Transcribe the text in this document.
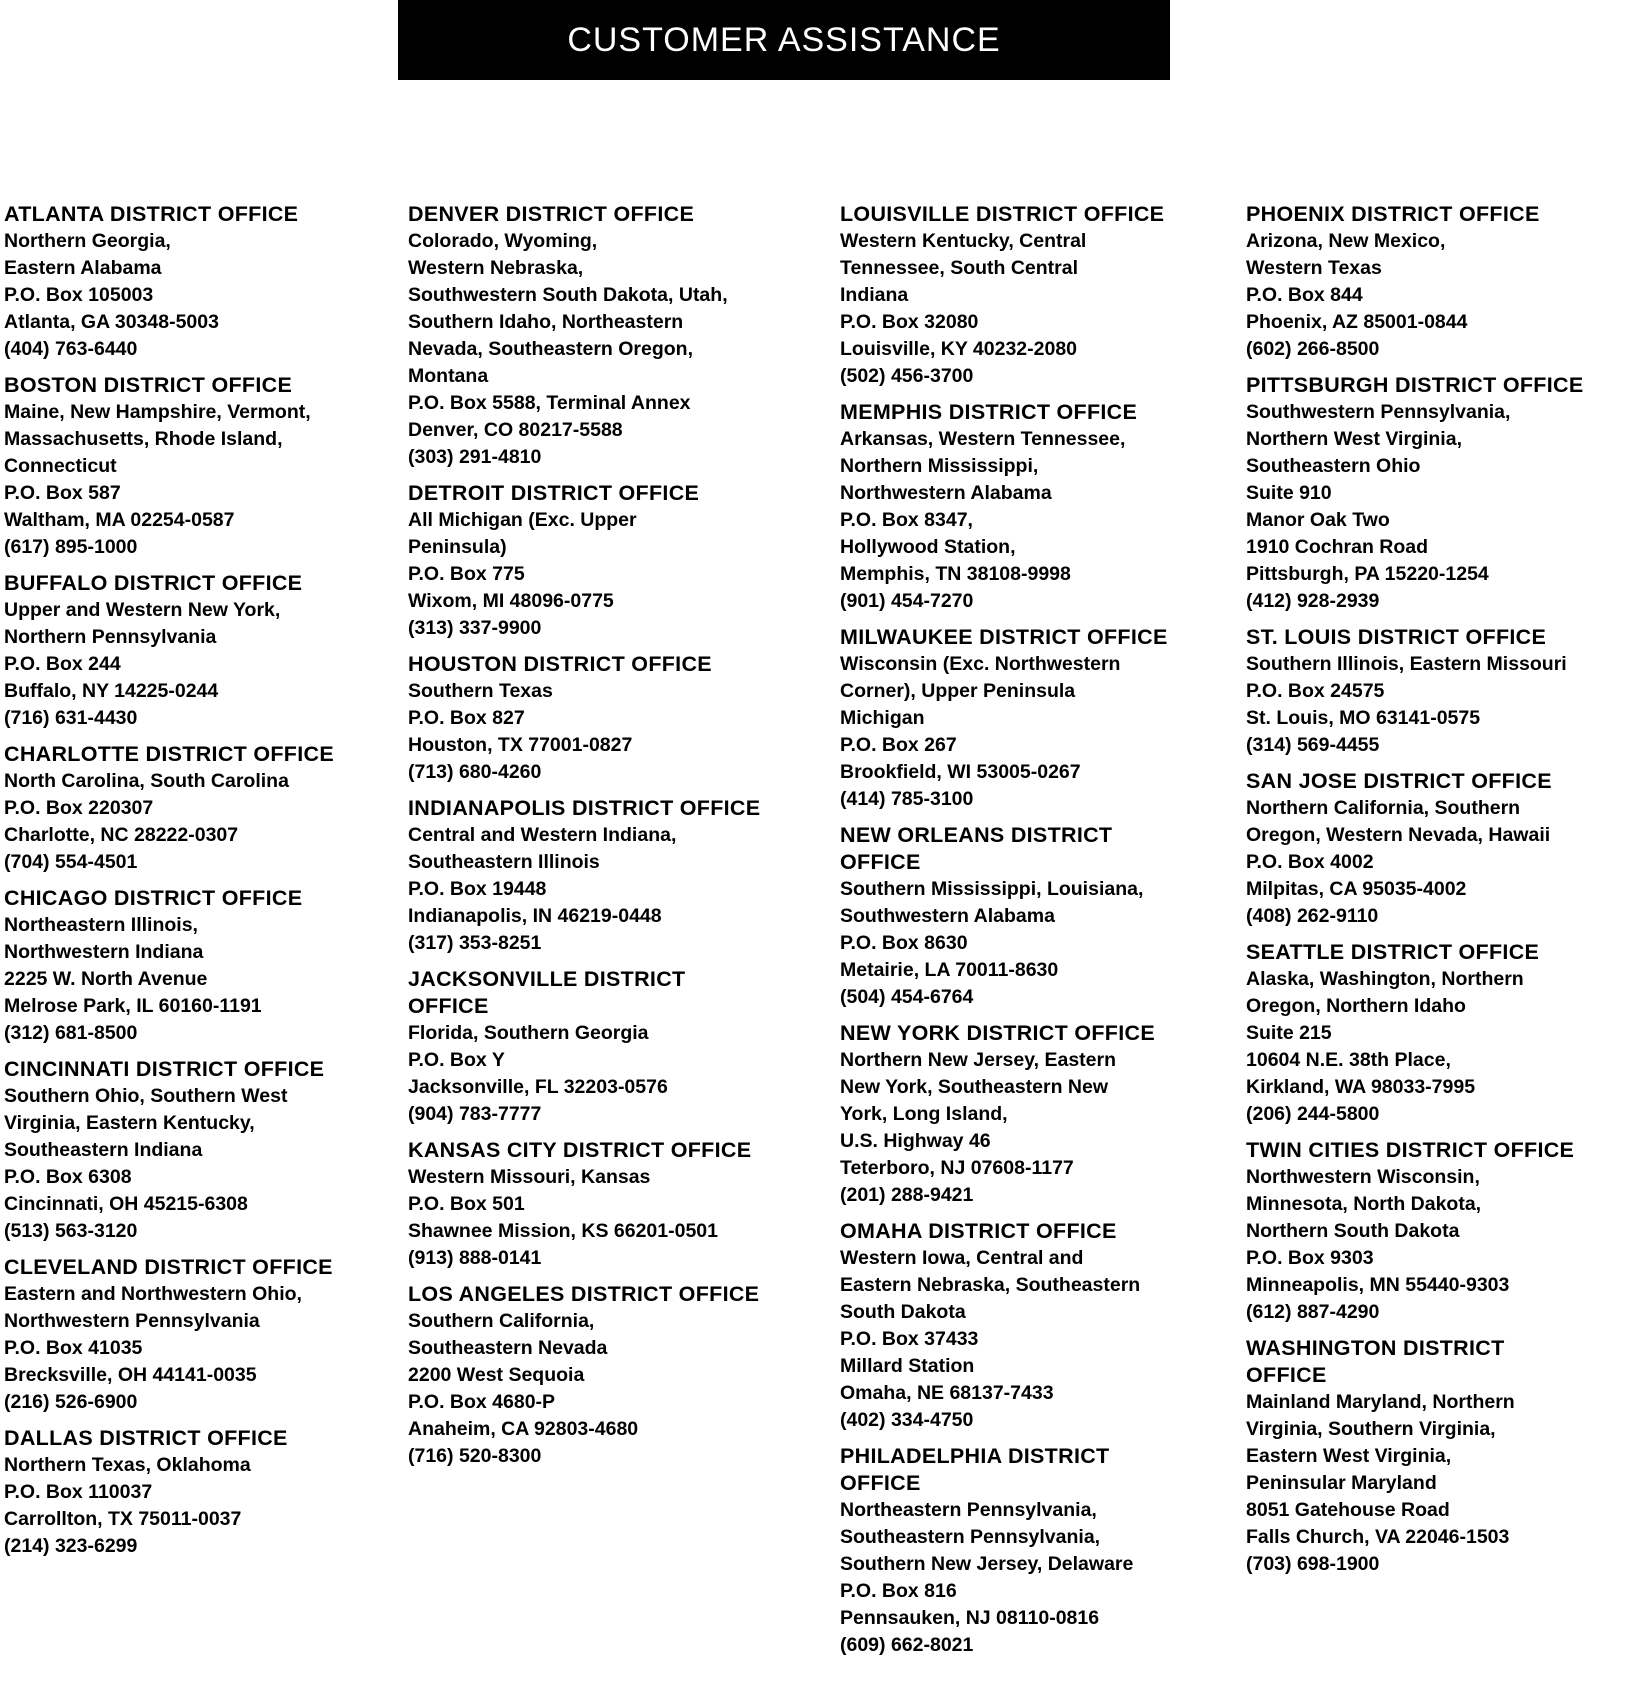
CUSTOMER ASSISTANCE
ATLANTA DISTRICT OFFICE
Northern Georgia,
Eastern Alabama
P.O. Box 105003
Atlanta, GA 30348-5003
(404) 763-6440
BOSTON DISTRICT OFFICE
Maine, New Hampshire, Vermont,
Massachusetts, Rhode Island,
Connecticut
P.O. Box 587
Waltham, MA 02254-0587
(617) 895-1000
BUFFALO DISTRICT OFFICE
Upper and Western New York,
Northern Pennsylvania
P.O. Box 244
Buffalo, NY 14225-0244
(716) 631-4430
CHARLOTTE DISTRICT OFFICE
North Carolina, South Carolina
P.O. Box 220307
Charlotte, NC 28222-0307
(704) 554-4501
CHICAGO DISTRICT OFFICE
Northeastern Illinois,
Northwestern Indiana
2225 W. North Avenue
Melrose Park, IL 60160-1191
(312) 681-8500
CINCINNATI DISTRICT OFFICE
Southern Ohio, Southern West
Virginia, Eastern Kentucky,
Southeastern Indiana
P.O. Box 6308
Cincinnati, OH 45215-6308
(513) 563-3120
CLEVELAND DISTRICT OFFICE
Eastern and Northwestern Ohio,
Northwestern Pennsylvania
P.O. Box 41035
Brecksville, OH 44141-0035
(216) 526-6900
DALLAS DISTRICT OFFICE
Northern Texas, Oklahoma
P.O. Box 110037
Carrollton, TX 75011-0037
(214) 323-6299
DENVER DISTRICT OFFICE
Colorado, Wyoming,
Western Nebraska,
Southwestern South Dakota, Utah,
Southern Idaho, Northeastern
Nevada, Southeastern Oregon,
Montana
P.O. Box 5588, Terminal Annex
Denver, CO 80217-5588
(303) 291-4810
DETROIT DISTRICT OFFICE
All Michigan (Exc. Upper
Peninsula)
P.O. Box 775
Wixom, MI 48096-0775
(313) 337-9900
HOUSTON DISTRICT OFFICE
Southern Texas
P.O. Box 827
Houston, TX 77001-0827
(713) 680-4260
INDIANAPOLIS DISTRICT OFFICE
Central and Western Indiana,
Southeastern Illinois
P.O. Box 19448
Indianapolis, IN 46219-0448
(317) 353-8251
JACKSONVILLE DISTRICT
OFFICE
Florida, Southern Georgia
P.O. Box Y
Jacksonville, FL 32203-0576
(904) 783-7777
KANSAS CITY DISTRICT OFFICE
Western Missouri, Kansas
P.O. Box 501
Shawnee Mission, KS 66201-0501
(913) 888-0141
LOS ANGELES DISTRICT OFFICE
Southern California,
Southeastern Nevada
2200 West Sequoia
P.O. Box 4680-P
Anaheim, CA 92803-4680
(716) 520-8300
LOUISVILLE DISTRICT OFFICE
Western Kentucky, Central
Tennessee, South Central
Indiana
P.O. Box 32080
Louisville, KY 40232-2080
(502) 456-3700
MEMPHIS DISTRICT OFFICE
Arkansas, Western Tennessee,
Northern Mississippi,
Northwestern Alabama
P.O. Box 8347,
Hollywood Station,
Memphis, TN 38108-9998
(901) 454-7270
MILWAUKEE DISTRICT OFFICE
Wisconsin (Exc. Northwestern
Corner), Upper Peninsula
Michigan
P.O. Box 267
Brookfield, WI 53005-0267
(414) 785-3100
NEW ORLEANS DISTRICT
OFFICE
Southern Mississippi, Louisiana,
Southwestern Alabama
P.O. Box 8630
Metairie, LA 70011-8630
(504) 454-6764
NEW YORK DISTRICT OFFICE
Northern New Jersey, Eastern
New York, Southeastern New
York, Long Island,
U.S. Highway 46
Teterboro, NJ 07608-1177
(201) 288-9421
OMAHA DISTRICT OFFICE
Western Iowa, Central and
Eastern Nebraska, Southeastern
South Dakota
P.O. Box 37433
Millard Station
Omaha, NE 68137-7433
(402) 334-4750
PHILADELPHIA DISTRICT
OFFICE
Northeastern Pennsylvania,
Southeastern Pennsylvania,
Southern New Jersey, Delaware
P.O. Box 816
Pennsauken, NJ 08110-0816
(609) 662-8021
PHOENIX DISTRICT OFFICE
Arizona, New Mexico,
Western Texas
P.O. Box 844
Phoenix, AZ 85001-0844
(602) 266-8500
PITTSBURGH DISTRICT OFFICE
Southwestern Pennsylvania,
Northern West Virginia,
Southeastern Ohio
Suite 910
Manor Oak Two
1910 Cochran Road
Pittsburgh, PA 15220-1254
(412) 928-2939
ST. LOUIS DISTRICT OFFICE
Southern Illinois, Eastern Missouri
P.O. Box 24575
St. Louis, MO 63141-0575
(314) 569-4455
SAN JOSE DISTRICT OFFICE
Northern California, Southern
Oregon, Western Nevada, Hawaii
P.O. Box 4002
Milpitas, CA 95035-4002
(408) 262-9110
SEATTLE DISTRICT OFFICE
Alaska, Washington, Northern
Oregon, Northern Idaho
Suite 215
10604 N.E. 38th Place,
Kirkland, WA 98033-7995
(206) 244-5800
TWIN CITIES DISTRICT OFFICE
Northwestern Wisconsin,
Minnesota, North Dakota,
Northern South Dakota
P.O. Box 9303
Minneapolis, MN 55440-9303
(612) 887-4290
WASHINGTON DISTRICT
OFFICE
Mainland Maryland, Northern
Virginia, Southern Virginia,
Eastern West Virginia,
Peninsular Maryland
8051 Gatehouse Road
Falls Church, VA 22046-1503
(703) 698-1900
